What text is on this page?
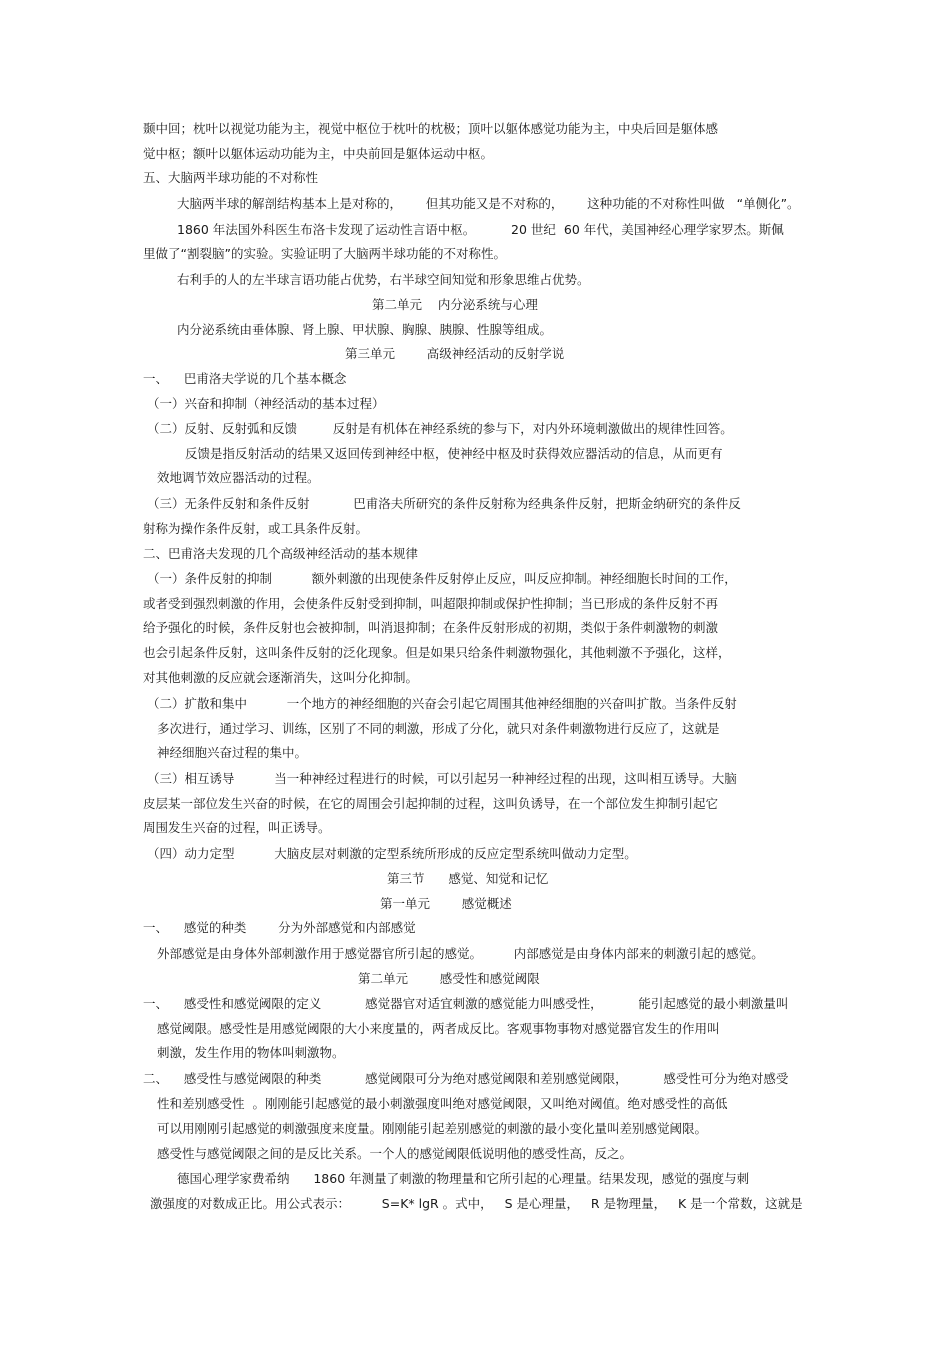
颞中回；枕叶以视觉功能为主，视觉中枢位于枕叶的枕极；顶叶以躯体感觉功能为主，中央后回是躯体感
觉中枢；额叶以躯体运动功能为主，中央前回是躯体运动中枢。
五、大脑两半球功能的不对称性
大脑两半球的解剖结构基本上是对称的，      但其功能又是不对称的，      这种功能的不对称性叫做   “单侧化”。
1860 年法国外科医生布洛卡发现了运动性言语中枢。         20 世纪  60 年代，美国神经心理学家罗杰。斯佩
里做了“割裂脑”的实验。实验证明了大脑两半球功能的不对称性。
右利手的人的左半球言语功能占优势，右半球空间知觉和形象思维占优势。
第二单元    内分泌系统与心理
内分泌系统由垂体腺、肾上腺、甲状腺、胸腺、胰腺、性腺等组成。
第三单元        高级神经活动的反射学说
一、    巴甫洛夫学说的几个基本概念
（一）兴奋和抑制（神经活动的基本过程）
（二）反射、反射弧和反馈         反射是有机体在神经系统的参与下，对内外环境刺激做出的规律性回答。
反馈是指反射活动的结果又返回传到神经中枢，使神经中枢及时获得效应器活动的信息，从而更有
效地调节效应器活动的过程。
（三）无条件反射和条件反射           巴甫洛夫所研究的条件反射称为经典条件反射，把斯金纳研究的条件反
射称为操作条件反射，或工具条件反射。
二、巴甫洛夫发现的几个高级神经活动的基本规律
（一）条件反射的抑制          额外刺激的出现使条件反射停止反应，叫反应抑制。神经细胞长时间的工作，
或者受到强烈刺激的作用，会使条件反射受到抑制，叫超限抑制或保护性抑制；当已形成的条件反射不再
给予强化的时候，条件反射也会被抑制，叫消退抑制；在条件反射形成的初期，类似于条件刺激物的刺激
也会引起条件反射，这叫条件反射的泛化现象。但是如果只给条件刺激物强化，其他刺激不予强化，这样，
对其他刺激的反应就会逐渐消失，这叫分化抑制。
（二）扩散和集中          一个地方的神经细胞的兴奋会引起它周围其他神经细胞的兴奋叫扩散。当条件反射
多次进行，通过学习、训练，区别了不同的刺激，形成了分化，就只对条件刺激物进行反应了，这就是
神经细胞兴奋过程的集中。
（三）相互诱导          当一种神经过程进行的时候，可以引起另一种神经过程的出现，这叫相互诱导。大脑
皮层某一部位发生兴奋的时候，在它的周围会引起抑制的过程，这叫负诱导，在一个部位发生抑制引起它
周围发生兴奋的过程，叫正诱导。
（四）动力定型          大脑皮层对刺激的定型系统所形成的反应定型系统叫做动力定型。
第三节      感觉、知觉和记忆
第一单元        感觉概述
一、    感觉的种类        分为外部感觉和内部感觉
外部感觉是由身体外部刺激作用于感觉器官所引起的感觉。        内部感觉是由身体内部来的刺激引起的感觉。
第二单元        感受性和感觉阈限
一、    感受性和感觉阈限的定义           感觉器官对适宜刺激的感觉能力叫感受性，         能引起感觉的最小刺激量叫
感觉阈限。感受性是用感觉阈限的大小来度量的，两者成反比。客观事物事物对感觉器官发生的作用叫
刺激，发生作用的物体叫刺激物。
二、    感受性与感觉阈限的种类           感觉阈限可分为绝对感觉阈限和差别感觉阈限，         感受性可分为绝对感受
性和差别感受性  。刚刚能引起感觉的最小刺激强度叫绝对感觉阈限，又叫绝对阈值。绝对感受性的高低
可以用刚刚引起感觉的刺激强度来度量。刚刚能引起差别感觉的刺激的最小变化量叫差别感觉阈限。
感受性与感觉阈限之间的是反比关系。一个人的感觉阈限低说明他的感受性高，反之。
德国心理学家费希纳      1860 年测量了刺激的物理量和它所引起的心理量。结果发现，感觉的强度与刺
激强度的对数成正比。用公式表示：        S=K* lgR 。式中，   S 是心理量，   R 是物理量，   K 是一个常数，这就是
